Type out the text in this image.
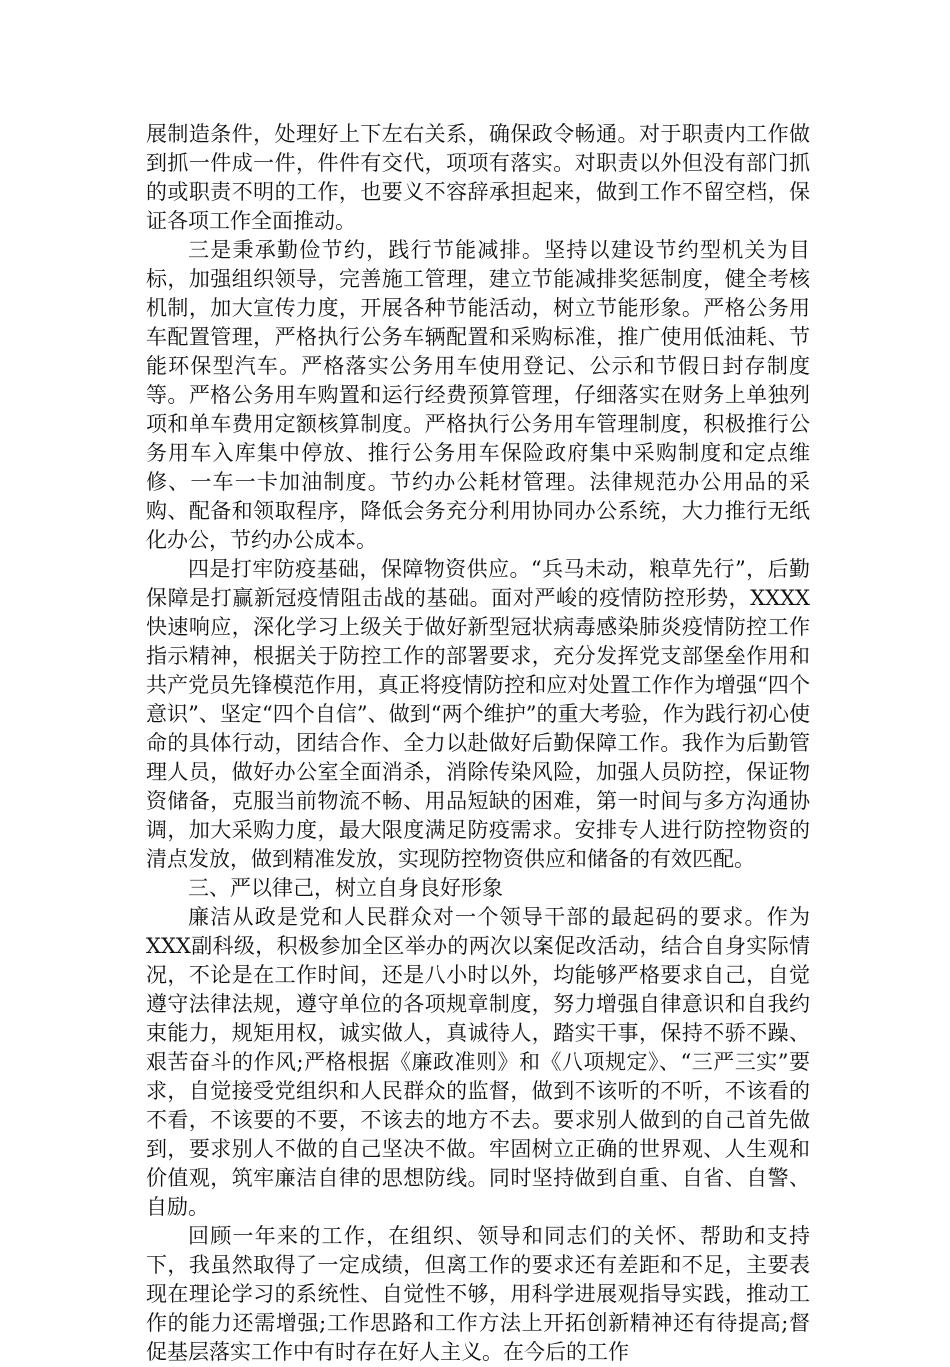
展制造条件，处理好上下左右关系，确保政令畅通。对于职责内工作做到抓一件成一件，件件有交代，项项有落实。对职责以外但没有部门抓的或职责不明的工作，也要义不容辞承担起来，做到工作不留空档，保证各项工作全面推动。

三是秉承勤俭节约，践行节能减排。坚持以建设节约型机关为目标，加强组织领导，完善施工管理，建立节能减排奖惩制度，健全考核机制，加大宣传力度，开展各种节能活动，树立节能形象。严格公务用车配置管理，严格执行公务车辆配置和采购标准，推广使用低油耗、节能环保型汽车。严格落实公务用车使用登记、公示和节假日封存制度等。严格公务用车购置和运行经费预算管理，仔细落实在财务上单独列项和单车费用定额核算制度。严格执行公务用车管理制度，积极推行公务用车入库集中停放、推行公务用车保险政府集中采购制度和定点维修、一车一卡加油制度。节约办公耗材管理。法律规范办公用品的采购、配备和领取程序，降低会务充分利用协同办公系统，大力推行无纸化办公，节约办公成本。

四是打牢防疫基础，保障物资供应。“兵马未动，粮草先行”，后勤保障是打赢新冠疫情阻击战的基础。面对严峻的疫情防控形势，XXXX快速响应，深化学习上级关于做好新型冠状病毒感染肺炎疫情防控工作指示精神，根据关于防控工作的部署要求，充分发挥党支部堡垒作用和共产党员先锋模范作用，真正将疫情防控和应对处置工作作为增强“四个意识”、坚定“四个自信”、做到“两个维护”的重大考验，作为践行初心使命的具体行动，团结合作、全力以赴做好后勤保障工作。我作为后勤管理人员，做好办公室全面消杀，消除传染风险，加强人员防控，保证物资储备，克服当前物流不畅、用品短缺的困难，第一时间与多方沟通协调，加大采购力度，最大限度满足防疫需求。安排专人进行防控物资的清点发放，做到精准发放，实现防控物资供应和储备的有效匹配。

三、严以律己，树立自身良好形象

廉洁从政是党和人民群众对一个领导干部的最起码的要求。作为XXX副科级，积极参加全区举办的两次以案促改活动，结合自身实际情况，不论是在工作时间，还是八小时以外，均能够严格要求自己，自觉遵守法律法规，遵守单位的各项规章制度，努力增强自律意识和自我约束能力，规矩用权，诚实做人，真诚待人，踏实干事，保持不骄不躁、艰苦奋斗的作风;严格根据《廉政准则》和《八项规定》、“三严三实”要求，自觉接受党组织和人民群众的监督，做到不该听的不听，不该看的不看，不该要的不要，不该去的地方不去。要求别人做到的自己首先做到，要求别人不做的自己坚决不做。牢固树立正确的世界观、人生观和价值观，筑牢廉洁自律的思想防线。同时坚持做到自重、自省、自警、自励。

回顾一年来的工作，在组织、领导和同志们的关怀、帮助和支持下，我虽然取得了一定成绩，但离工作的要求还有差距和不足，主要表现在理论学习的系统性、自觉性不够，用科学进展观指导实践，推动工作的能力还需增强;工作思路和工作方法上开拓创新精神还有待提高;督促基层落实工作中有时存在好人主义。在今后的工作
